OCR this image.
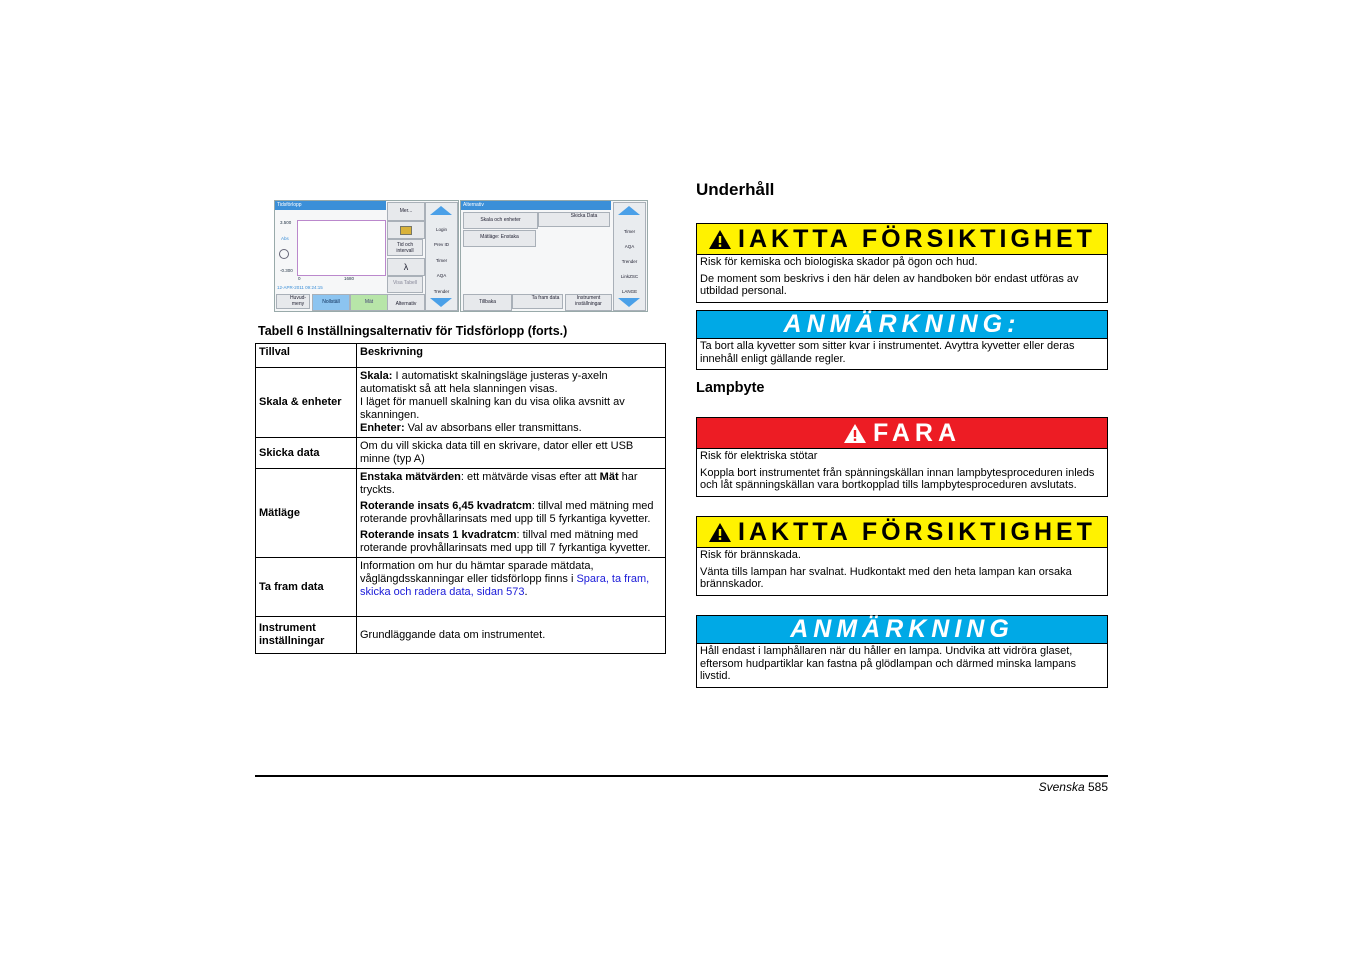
Tidsförlopp
3.500
Abs
-0.300
0	1680
12-APR-2011 09:24:15
Mer...
Tid och intervall
λ
Visa Tabell
Login
Prev ID
Timer
AQA
Trender
Huvud-meny	Nollställ	Mät	Alternativ
Alternativ
Skala och enheter
Skicka Data
Mätläge: Enstaka
Timer
AQA
Trender
LinkZSC
LANGE
Tillbaka
Ta fram data	Instrument inställningar
Tabell 6 Inställningsalternativ för Tidsförlopp (forts.)
Tillval	Beskrivning
Skala & enheter	Skala: I automatiskt skalningsläge justeras y-axeln automatiskt så att hela slanningen visas.
I läget för manuell skalning kan du visa olika avsnitt av skanningen.
Enheter: Val av absorbans eller transmittans.
Skicka data	Om du vill skicka data till en skrivare, dator eller ett USB minne (typ A)
Mätläge	Enstaka mätvärden: ett mätvärde visas efter att Mät har tryckts.

Roterande insats 6,45 kvadratcm: tillval med mätning med roterande provhållarinsats med upp till 5 fyrkantiga kyvetter.

Roterande insats 1 kvadratcm: tillval med mätning med roterande provhållarinsats med upp till 7 fyrkantiga kyvetter.

Ta fram data	Information om hur du hämtar sparade mätdata, våglängdsskanningar eller tidsförlopp finns i Spara, ta fram, skicka och radera data, sidan 573.
Instrument inställningar	Grundläggande data om instrumentet.
Underhåll
IAKTTA FÖRSIKTIGHET

Risk för kemiska och biologiska skador på ögon och hud.

De moment som beskrivs i den här delen av handboken bör endast utföras av utbildad personal.

ANMÄRKNING:

Ta bort alla kyvetter som sitter kvar i instrumentet. Avyttra kyvetter eller deras innehåll enligt gällande regler.

Lampbyte
FARA

Risk för elektriska stötar

Koppla bort instrumentet från spänningskällan innan lampbytesproceduren inleds och låt spänningskällan vara bortkopplad tills lampbytesproceduren avslutats.

IAKTTA FÖRSIKTIGHET

Risk för brännskada.

Vänta tills lampan har svalnat. Hudkontakt med den heta lampan kan orsaka brännskador.

ANMÄRKNING

Håll endast i lamphållaren när du håller en lampa. Undvika att vidröra glaset, eftersom hudpartiklar kan fastna på glödlampan och därmed minska lampans livstid.

Svenska 585
